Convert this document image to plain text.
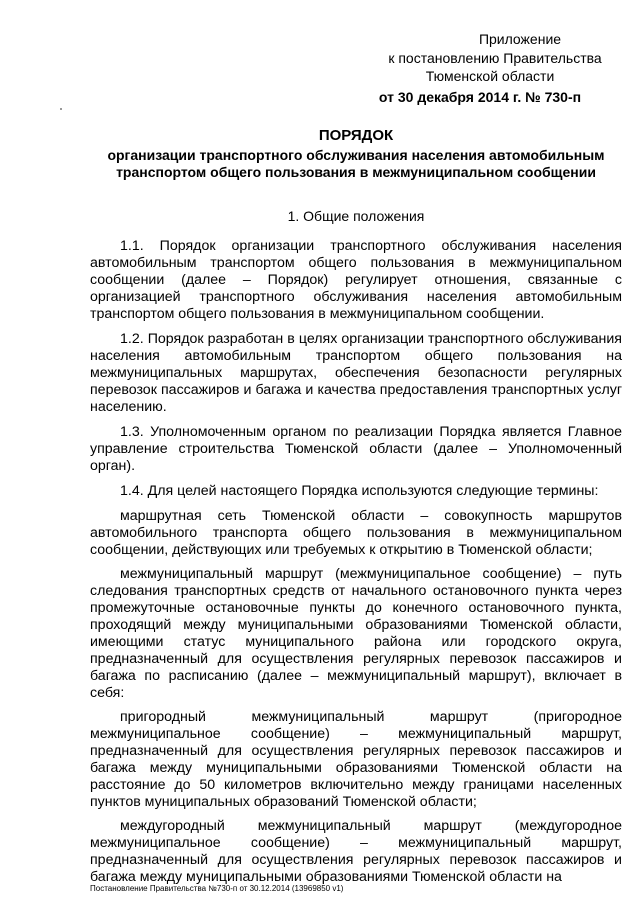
Приложение
к постановлению Правительства
Тюменской области
от 30 декабря 2014 г. № 730-п
ПОРЯДОК
организации транспортного обслуживания населения автомобильным транспортом общего пользования в межмуниципальном сообщении
1. Общие положения

1.1. Порядок организации транспортного обслуживания населения автомобильным транспортом общего пользования в межмуниципальном сообщении (далее – Порядок) регулирует отношения, связанные с организацией транспортного обслуживания населения автомобильным транспортом общего пользования в межмуниципальном сообщении.

1.2. Порядок разработан в целях организации транспортного обслуживания населения автомобильным транспортом общего пользования на межмуниципальных маршрутах, обеспечения безопасности регулярных перевозок пассажиров и багажа и качества предоставления транспортных услуг населению.

1.3. Уполномоченным органом по реализации Порядка является Главное управление строительства Тюменской области (далее – Уполномоченный орган).

1.4. Для целей настоящего Порядка используются следующие термины:

маршрутная сеть Тюменской области – совокупность маршрутов автомобильного транспорта общего пользования в межмуниципальном сообщении, действующих или требуемых к открытию в Тюменской области;

межмуниципальный маршрут (межмуниципальное сообщение) – путь следования транспортных средств от начального остановочного пункта через промежуточные остановочные пункты до конечного остановочного пункта, проходящий между муниципальными образованиями Тюменской области, имеющими статус муниципального района или городского округа, предназначенный для осуществления регулярных перевозок пассажиров и багажа по расписанию (далее – межмуниципальный маршрут), включает в себя:

пригородный межмуниципальный маршрут (пригородное межмуниципальное сообщение) – межмуниципальный маршрут, предназначенный для осуществления регулярных перевозок пассажиров и багажа между муниципальными образованиями Тюменской области на расстояние до 50 километров включительно между границами населенных пунктов муниципальных образований Тюменской области;

междугородный межмуниципальный маршрут (междугородное межмуниципальное сообщение) – межмуниципальный маршрут, предназначенный для осуществления регулярных перевозок пассажиров и багажа между муниципальными образованиями Тюменской области на

Постановление Правительства №730-п от 30.12.2014 (13969850 v1)
